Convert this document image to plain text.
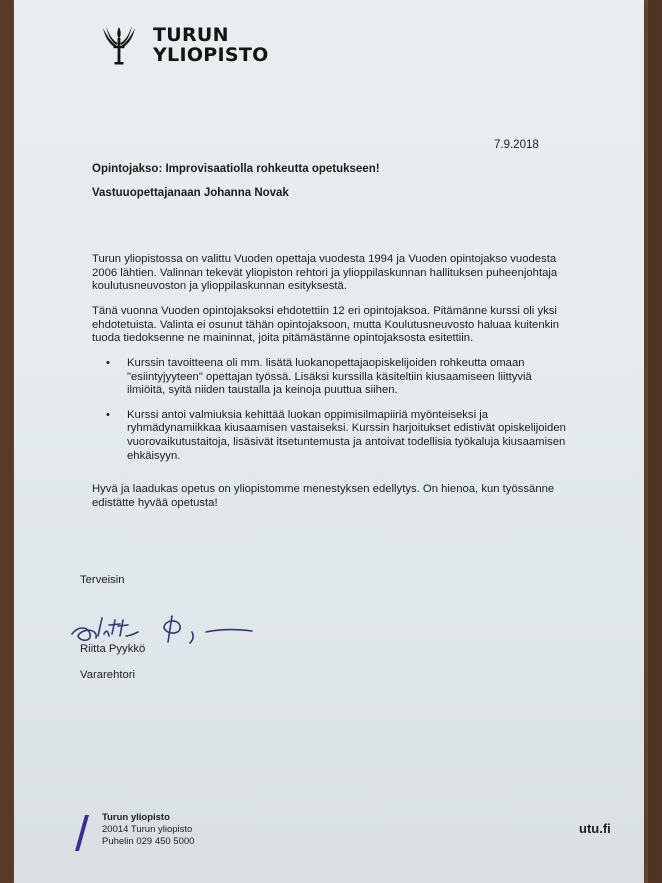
TURUN
YLIOPISTO
7.9.2018
Opintojakso: Improvisaatiolla rohkeutta opetukseen!
Vastuuopettajanaan Johanna Novak

Turun yliopistossa on valittu Vuoden opettaja vuodesta 1994 ja Vuoden opintojakso vuodesta 2006 lähtien. Valinnan tekevät yliopiston rehtori ja ylioppilaskunnan hallituksen puheenjohtaja koulutusneuvoston ja ylioppilaskunnan esityksestä.

Tänä vuonna Vuoden opintojaksoksi ehdotettiin 12 eri opintojaksoa. Pitämänne kurssi oli yksi ehdotetuista. Valinta ei osunut tähän opintojaksoon, mutta Koulutusneuvosto haluaa kuitenkin tuoda tiedoksenne ne maininnat, joita pitämästänne opintojaksosta esitettiin.

• Kurssin tavoitteena oli mm. lisätä luokanopettajaopiskelijoiden rohkeutta omaan "esiintyjyyteen" opettajan työssä. Lisäksi kurssilla käsiteltiin kiusaamiseen liittyviä ilmiöitä, syitä niiden taustalla ja keinoja puuttua siihen.
• Kurssi antoi valmiuksia kehittää luokan oppimisilmapiiriä myönteiseksi ja ryhmädynamiikkaa kiusaamisen vastaiseksi. Kurssin harjoitukset edistivät opiskelijoiden vuorovaikutustaitoja, lisäsivät itsetuntemusta ja antoivat todellisia työkaluja kiusaamisen ehkäisyyn.

Hyvä ja laadukas opetus on yliopistomme menestyksen edellytys. On hienoa, kun työssänne edistätte hyvää opetusta!

Terveisin
Riitta Pyykkö
Vararehtori
Turun yliopisto
20014 Turun yliopisto
Puhelin 029 450 5000
utu.fi
